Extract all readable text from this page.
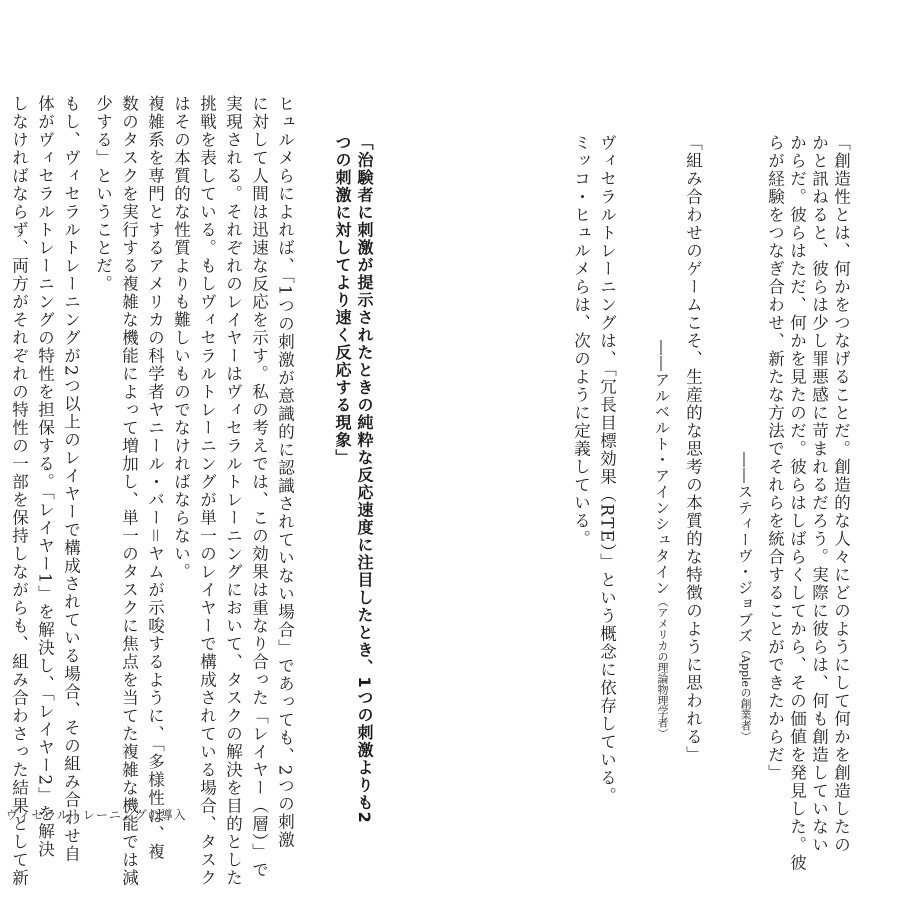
「創造性とは、何かをつなげることだ。創造的な人々にどのようにして何かを創造したの

かと訊ねると、彼らは少し罪悪感に苛まれるだろう。実際に彼らは、何も創造していない

からだ。彼らはただ、何かを見たのだ。彼らはしばらくしてから、その価値を発見した。彼

らが経験をつなぎ合わせ、新たな方法でそれらを統合することができたからだ」

――スティーヴ・ジョブズ（Appleの創業者）

「組み合わせのゲームこそ、生産的な思考の本質的な特徴のように思われる」

――アルベルト・アインシュタイン（アメリカの理論物理学者）

ヴィセラルトレーニングは、「冗長目標効果（RTE）」という概念に依存している。

ミッコ・ヒュルメらは、次のように定義している。

「治験者に刺激が提示されたときの純粋な反応速度に注目したとき、1つの刺激よりも2

つの刺激に対してより速く反応する現象」

ヒュルメらによれば、「1つの刺激が意識的に認識されていない場合」であっても、2つの刺激

に対して人間は迅速な反応を示す。私の考えでは、この効果は重なり合った「レイヤー（層）」で

実現される。それぞれのレイヤーはヴィセラルトレーニングにおいて、タスクの解決を目的とした

挑戦を表している。もしヴィセラルトレーニングが単一のレイヤーで構成されている場合、タスク

はその本質的な性質よりも難しいものでなければならない。

複雑系を専門とするアメリカの科学者ヤニール・バー＝ヤムが示唆するように、「多様性は、複

数のタスクを実行する複雑な機能によって増加し、単一のタスクに焦点を当てた複雑な機能では減

少する」ということだ。

もし、ヴィセラルトレーニングが2つ以上のレイヤーで構成されている場合、その組み合わせ自

体がヴィセラルトレーニングの特性を担保する。「レイヤー1」を解決し、「レイヤー2」を解決

しなければならず、両方がそれぞれの特性の一部を保持しながらも、組み合わさった結果として新

ヴィセラルトレーニングの導入
